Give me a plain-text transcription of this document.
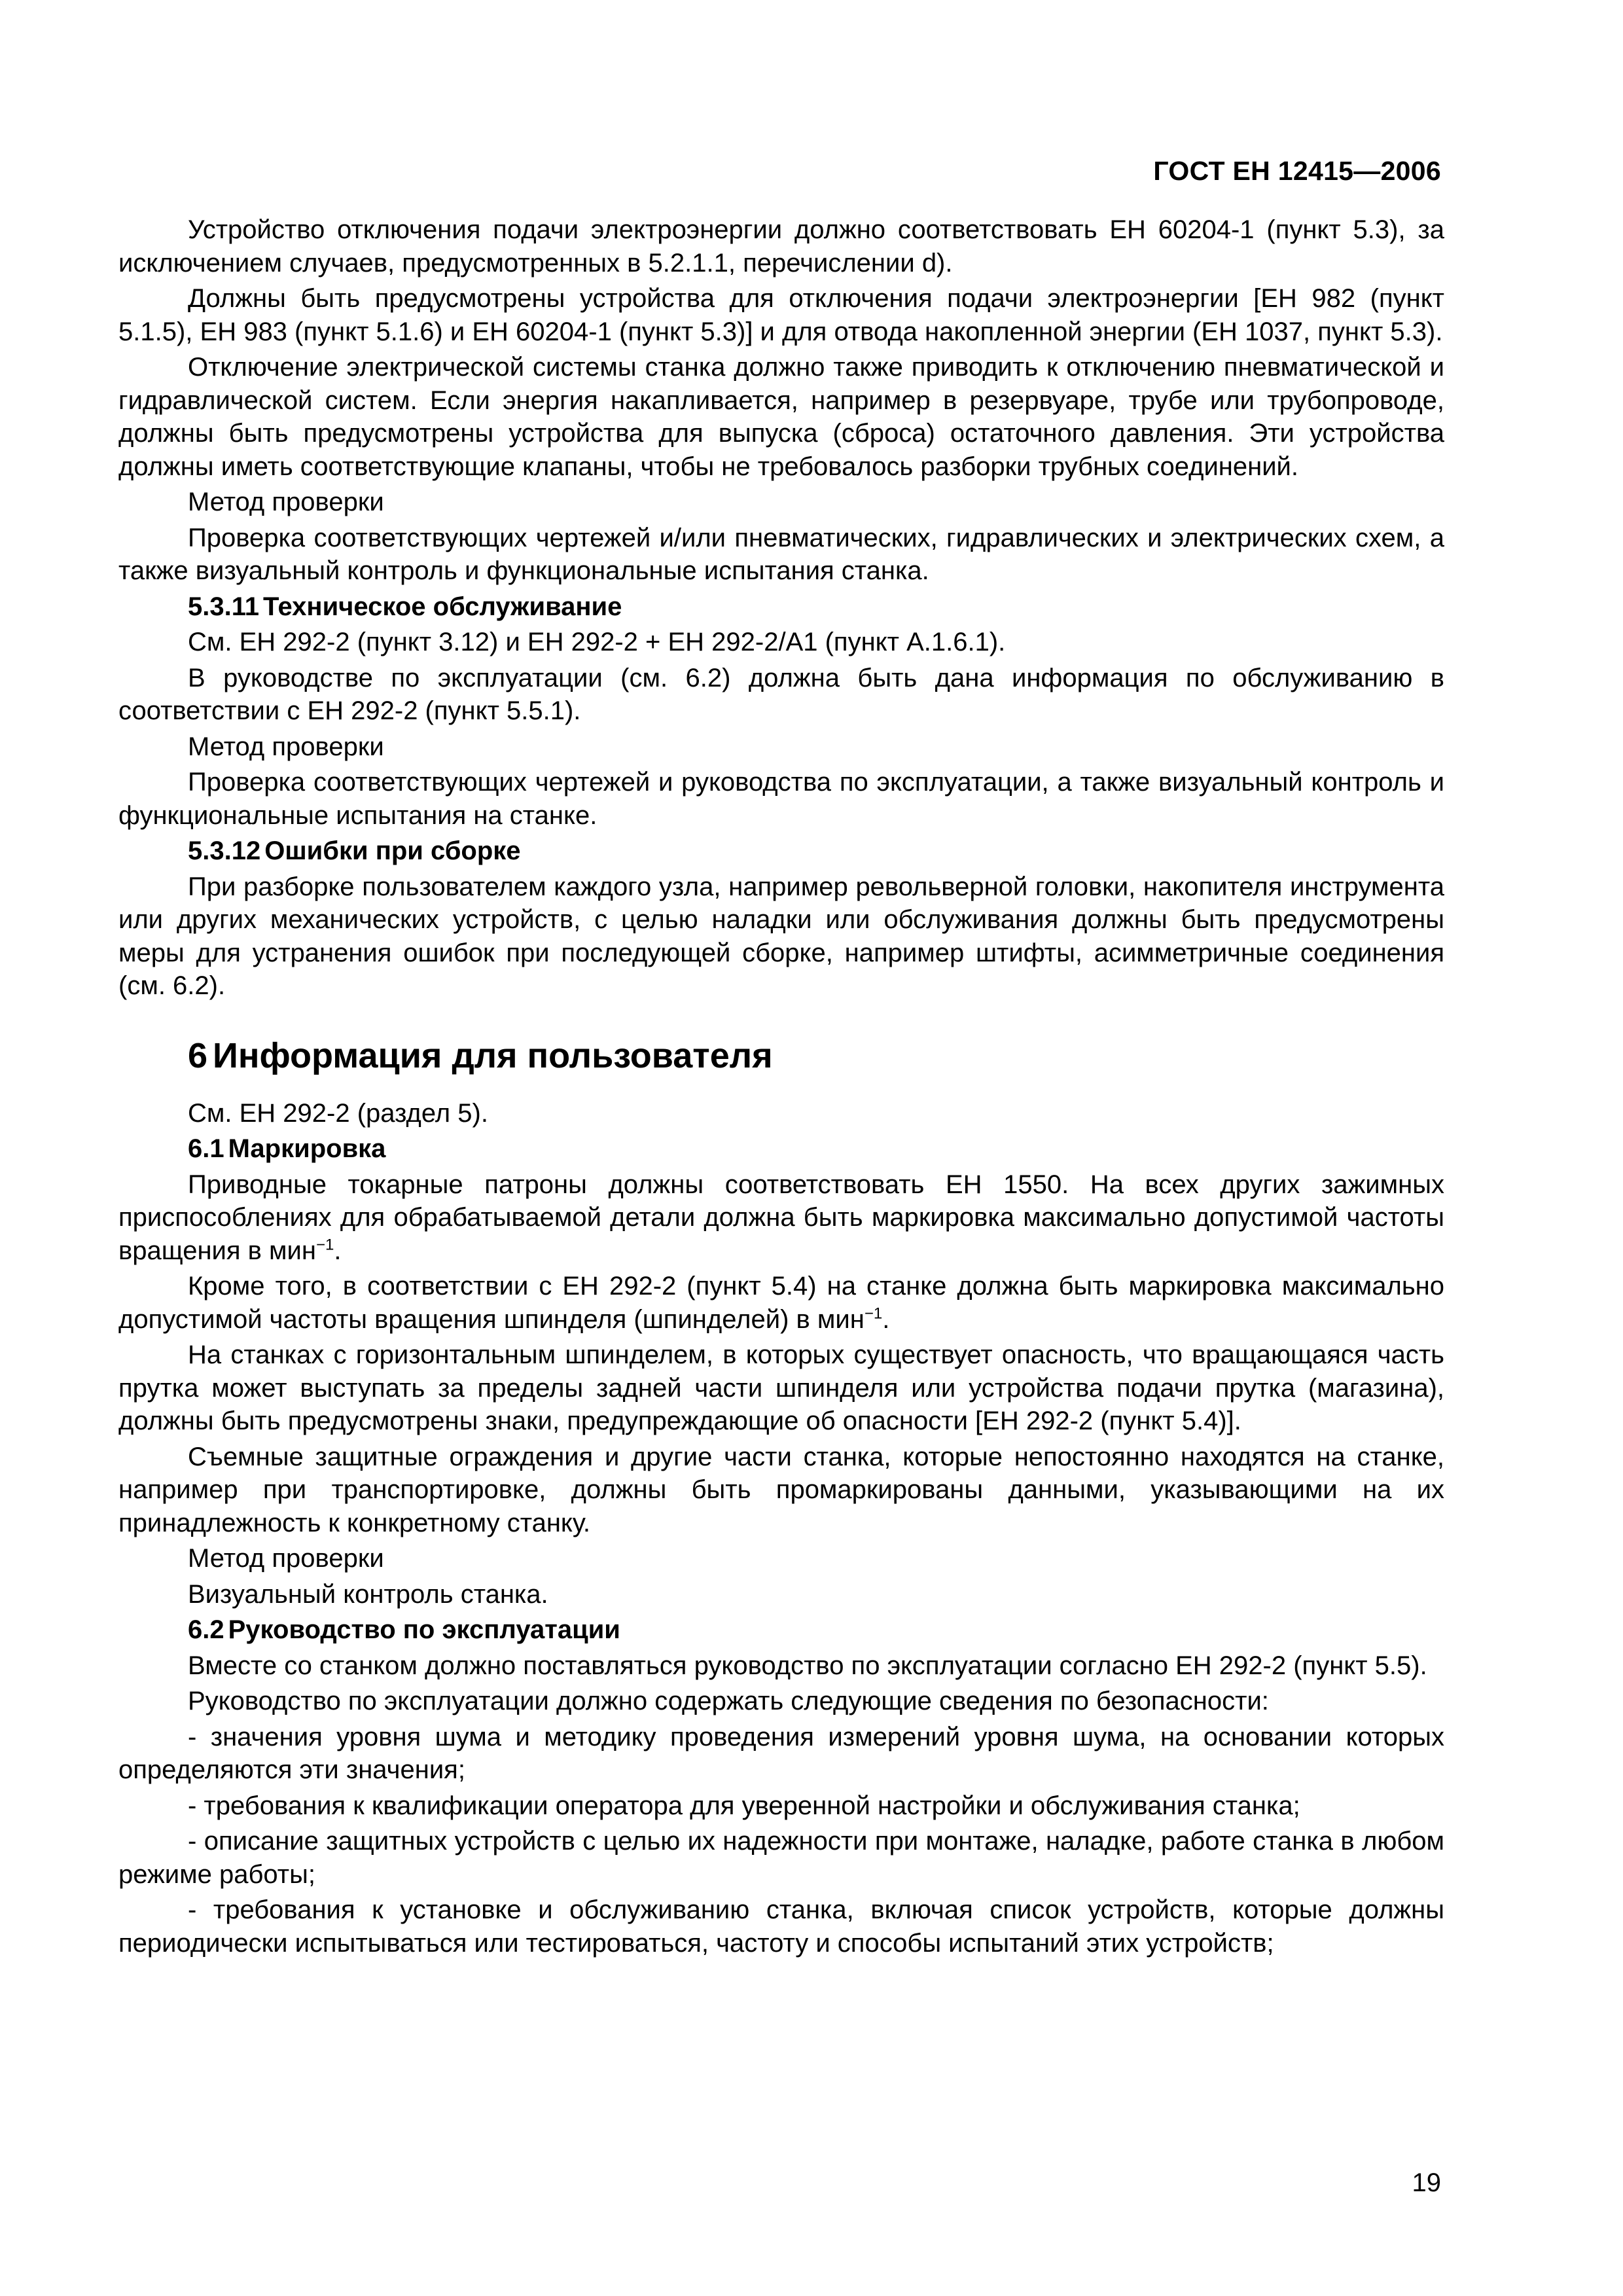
ГОСТ ЕН 12415—2006

Устройство отключения подачи электроэнергии должно соответствовать ЕН 60204-1 (пункт 5.3), за исключением случаев, предусмотренных в 5.2.1.1, перечислении d).

Должны быть предусмотрены устройства для отключения подачи электроэнергии [ЕН 982 (пункт 5.1.5), ЕН 983 (пункт 5.1.6) и ЕН 60204-1 (пункт 5.3)] и для отвода накопленной энергии (ЕН 1037, пункт 5.3).

Отключение электрической системы станка должно также приводить к отключению пневматической и гидравлической систем. Если энергия накапливается, например в резервуаре, трубе или трубопроводе, должны быть предусмотрены устройства для выпуска (сброса) остаточного давления. Эти устройства должны иметь соответствующие клапаны, чтобы не требовалось разборки трубных соединений.

Метод проверки

Проверка соответствующих чертежей и/или пневматических, гидравлических и электрических схем, а также визуальный контроль и функциональные испытания станка.

5.3.11 Техническое обслуживание

См. ЕН 292-2 (пункт 3.12) и ЕН 292-2 + ЕН 292-2/А1 (пункт А.1.6.1).

В руководстве по эксплуатации (см. 6.2) должна быть дана информация по обслуживанию в соответствии с ЕН 292-2 (пункт 5.5.1).

Метод проверки

Проверка соответствующих чертежей и руководства по эксплуатации, а также визуальный контроль и функциональные испытания на станке.

5.3.12 Ошибки при сборке

При разборке пользователем каждого узла, например револьверной головки, накопителя инструмента или других механических устройств, с целью наладки или обслуживания должны быть предусмотрены меры для устранения ошибок при последующей сборке, например штифты, асимметричные соединения (см. 6.2).

6 Информация для пользователя

См. ЕН 292-2 (раздел 5).

6.1 Маркировка

Приводные токарные патроны должны соответствовать ЕН 1550. На всех других зажимных приспособлениях для обрабатываемой детали должна быть маркировка максимально допустимой частоты вращения в мин$^{-1}$.

Кроме того, в соответствии с ЕН 292-2 (пункт 5.4) на станке должна быть маркировка максимально допустимой частоты вращения шпинделя (шпинделей) в мин$^{-1}$.

На станках с горизонтальным шпинделем, в которых существует опасность, что вращающаяся часть прутка может выступать за пределы задней части шпинделя или устройства подачи прутка (магазина), должны быть предусмотрены знаки, предупреждающие об опасности [ЕН 292-2 (пункт 5.4)].

Съемные защитные ограждения и другие части станка, которые непостоянно находятся на станке, например при транспортировке, должны быть промаркированы данными, указывающими на их принадлежность к конкретному станку.

Метод проверки

Визуальный контроль станка.

6.2 Руководство по эксплуатации

Вместе со станком должно поставляться руководство по эксплуатации согласно ЕН 292-2 (пункт 5.5).

Руководство по эксплуатации должно содержать следующие сведения по безопасности:

- значения уровня шума и методику проведения измерений уровня шума, на основании которых определяются эти значения;

- требования к квалификации оператора для уверенной настройки и обслуживания станка;

- описание защитных устройств с целью их надежности при монтаже, наладке, работе станка в любом режиме работы;

- требования к установке и обслуживанию станка, включая список устройств, которые должны периодически испытываться или тестироваться, частоту и способы испытаний этих устройств;

19
